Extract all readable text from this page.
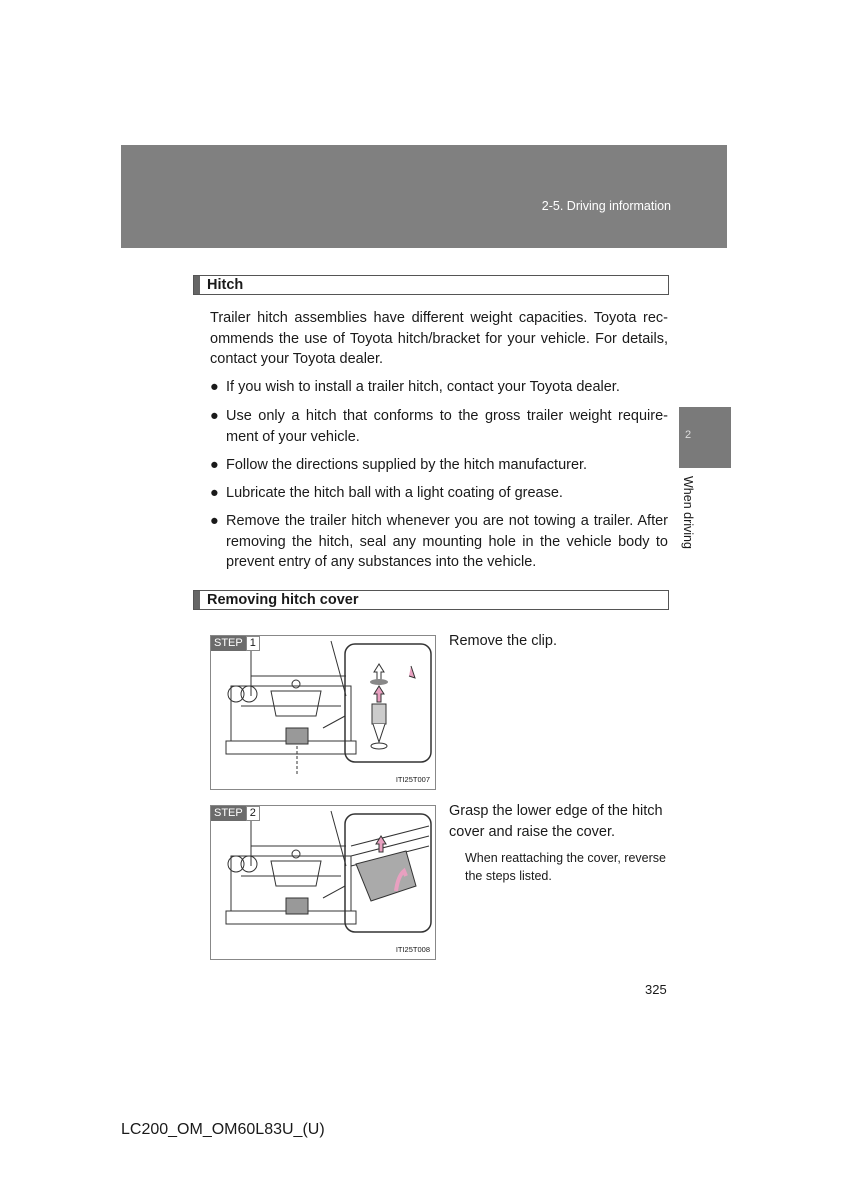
2-5. Driving information
2
When driving
Hitch
Trailer hitch assemblies have different weight capacities. Toyota rec-ommends the use of Toyota hitch/bracket for your vehicle. For details, contact your Toyota dealer.
● If you wish to install a trailer hitch, contact your Toyota dealer.
● Use only a hitch that conforms to the gross trailer weight require-ment of your vehicle.
● Follow the directions supplied by the hitch manufacturer.
● Lubricate the hitch ball with a light coating of grease.
● Remove the trailer hitch whenever you are not towing a trailer. After removing the hitch, seal any mounting hole in the vehicle body to prevent entry of any substances into the vehicle.
Removing hitch cover
STEP 1
ITI25T007
Remove the clip.
STEP 2
ITI25T008
Grasp the lower edge of the hitch cover and raise the cover.
When reattaching the cover, reverse the steps listed.
325
LC200_OM_OM60L83U_(U)
